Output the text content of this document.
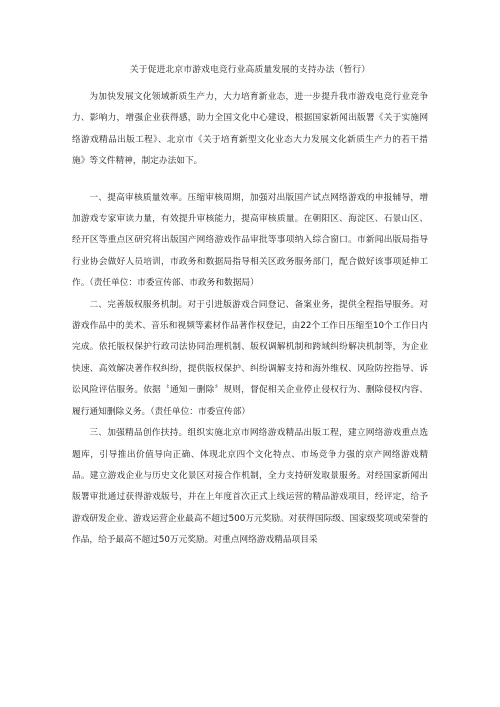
关于促进北京市游戏电竞行业高质量发展的支持办法（暂行）

为加快发展文化领域新质生产力，大力培育新业态，进一步提升我市游戏电竞行业竞争力、影响力，增强企业获得感，助力全国文化中心建设，根据国家新闻出版署《关于实施网络游戏精品出版工程》、北京市《关于培育新型文化业态大力发展文化新质生产力的若干措施》等文件精神，制定办法如下。

一、提高审核质量效率。压缩审核周期，加强对出版国产试点网络游戏的申报辅导，增加游戏专家审读力量，有效提升审核能力，提高审核质量。在朝阳区、海淀区、石景山区、经开区等重点区研究将出版国产网络游戏作品审批等事项纳入综合窗口。市新闻出版局指导行业协会做好人员培训，市政务和数据局指导相关区政务服务部门，配合做好该事项延伸工作。（责任单位：市委宣传部、市政务和数据局）

二、完善版权服务机制。对于引进版游戏合同登记、备案业务，提供全程指导服务。对游戏作品中的美术、音乐和视频等素材作品著作权登记，由22个工作日压缩至10个工作日内完成。依托版权保护行政司法协同治理机制、版权调解机制和跨域纠纷解决机制等，为企业快速、高效解决著作权纠纷，提供版权保护、纠纷调解支持和海外维权、风险防控指导、诉讼风险评估服务。依据〝通知－删除〞规则，督促相关企业停止侵权行为、删除侵权内容、履行通知删除义务。（责任单位：市委宣传部）

三、加强精品创作扶持。组织实施北京市网络游戏精品出版工程，建立网络游戏重点选题库，引导推出价值导向正确、体现北京四个文化特点、市场竞争力强的京产网络游戏精品。建立游戏企业与历史文化景区对接合作机制，全力支持研发取景服务。对经国家新闻出版署审批通过获得游戏版号，并在上年度首次正式上线运营的精品游戏项目，经评定，给予游戏研发企业、游戏运营企业最高不超过500万元奖励。对获得国际级、国家级奖项或荣誉的作品，给予最高不超过50万元奖励。对重点网络游戏精品项目采
